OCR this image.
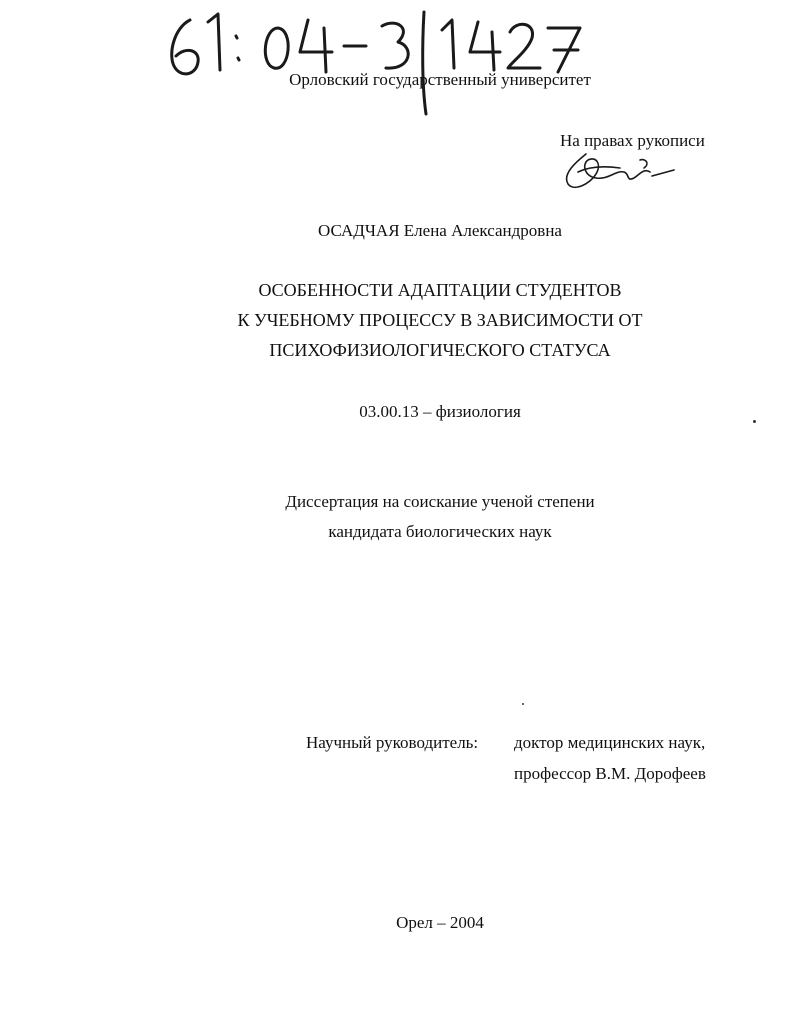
Орловский государственный университет
На правах рукописи
ОСАДЧАЯ Елена Александровна
ОСОБЕННОСТИ АДАПТАЦИИ СТУДЕНТОВ
К УЧЕБНОМУ ПРОЦЕССУ В ЗАВИСИМОСТИ ОТ
ПСИХОФИЗИОЛОГИЧЕСКОГО СТАТУСА
03.00.13 – физиология
Диссертация на соискание ученой степени
кандидата биологических наук
Научный руководитель: доктор медицинских наук,
профессор В.М. Дорофеев
Орел – 2004
